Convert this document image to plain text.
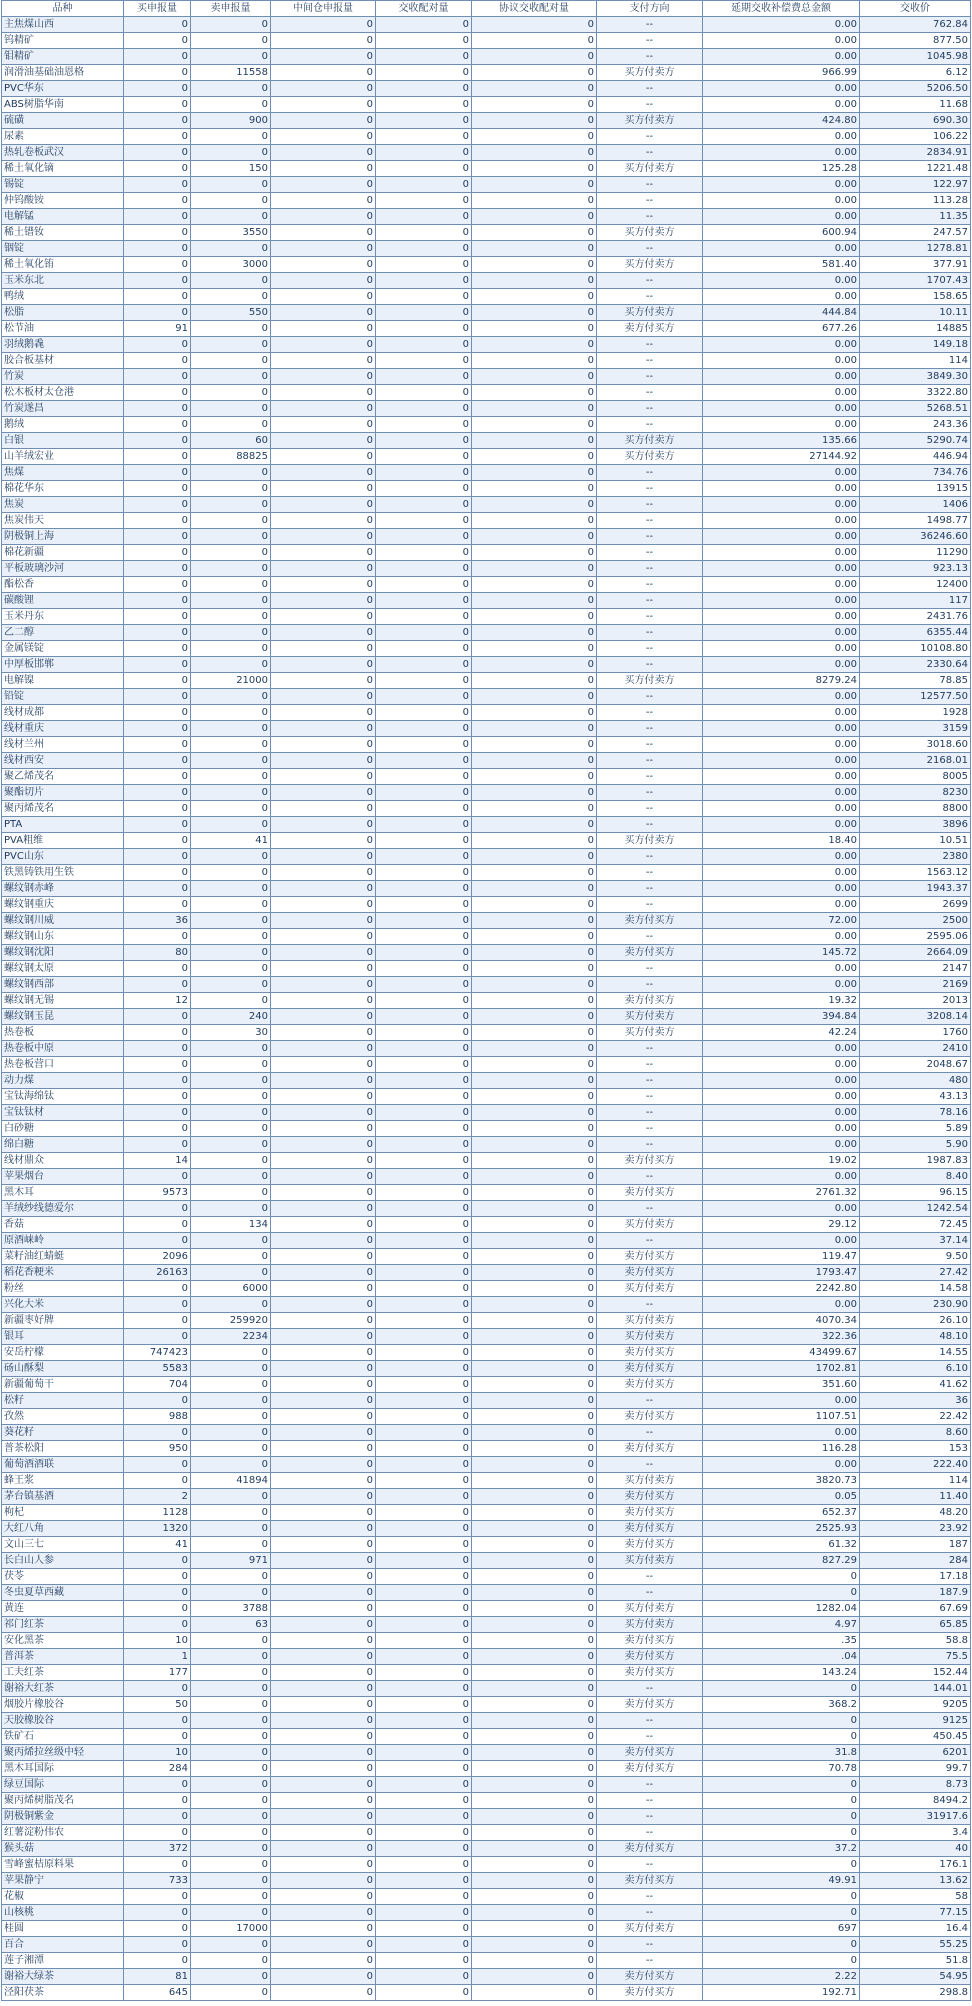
品种	买申报量	卖申报量	中间仓申报量	交收配对量	协议交收配对量	支付方向	延期交收补偿费总金额	交收价
主焦煤山西	0	0	0	0	0	--	0.00	762.84
钨精矿	0	0	0	0	0	--	0.00	877.50
钼精矿	0	0	0	0	0	--	0.00	1045.98
润滑油基础油恩格	0	11558	0	0	0	买方付卖方	966.99	6.12
PVC华东	0	0	0	0	0	--	0.00	5206.50
ABS树脂华南	0	0	0	0	0	--	0.00	11.68
硫磺	0	900	0	0	0	买方付卖方	424.80	690.30
尿素	0	0	0	0	0	--	0.00	106.22
热轧卷板武汉	0	0	0	0	0	--	0.00	2834.91
稀土氧化镝	0	150	0	0	0	买方付卖方	125.28	1221.48
锡锭	0	0	0	0	0	--	0.00	122.97
仲钨酸铵	0	0	0	0	0	--	0.00	113.28
电解锰	0	0	0	0	0	--	0.00	11.35
稀土镨钕	0	3550	0	0	0	买方付卖方	600.94	247.57
铟锭	0	0	0	0	0	--	0.00	1278.81
稀土氧化铕	0	3000	0	0	0	买方付卖方	581.40	377.91
玉米东北	0	0	0	0	0	--	0.00	1707.43
鸭绒	0	0	0	0	0	--	0.00	158.65
松脂	0	550	0	0	0	买方付卖方	444.84	10.11
松节油	91	0	0	0	0	卖方付买方	677.26	14885
羽绒鹅毳	0	0	0	0	0	--	0.00	149.18
胶合板基材	0	0	0	0	0	--	0.00	114
竹炭	0	0	0	0	0	--	0.00	3849.30
松木板材太仓港	0	0	0	0	0	--	0.00	3322.80
竹炭遂昌	0	0	0	0	0	--	0.00	5268.51
鹅绒	0	0	0	0	0	--	0.00	243.36
白银	0	60	0	0	0	买方付卖方	135.66	5290.74
山羊绒宏业	0	88825	0	0	0	买方付卖方	27144.92	446.94
焦煤	0	0	0	0	0	--	0.00	734.76
棉花华东	0	0	0	0	0	--	0.00	13915
焦炭	0	0	0	0	0	--	0.00	1406
焦炭伟天	0	0	0	0	0	--	0.00	1498.77
阴极铜上海	0	0	0	0	0	--	0.00	36246.60
棉花新疆	0	0	0	0	0	--	0.00	11290
平板玻璃沙河	0	0	0	0	0	--	0.00	923.13
酯松香	0	0	0	0	0	--	0.00	12400
碳酸锂	0	0	0	0	0	--	0.00	117
玉米丹东	0	0	0	0	0	--	0.00	2431.76
乙二醇	0	0	0	0	0	--	0.00	6355.44
金属镁锭	0	0	0	0	0	--	0.00	10108.80
中厚板邯郸	0	0	0	0	0	--	0.00	2330.64
电解镍	0	21000	0	0	0	买方付卖方	8279.24	78.85
铅锭	0	0	0	0	0	--	0.00	12577.50
线材成都	0	0	0	0	0	--	0.00	1928
线材重庆	0	0	0	0	0	--	0.00	3159
线材兰州	0	0	0	0	0	--	0.00	3018.60
线材西安	0	0	0	0	0	--	0.00	2168.01
聚乙烯茂名	0	0	0	0	0	--	0.00	8005
聚酯切片	0	0	0	0	0	--	0.00	8230
聚丙烯茂名	0	0	0	0	0	--	0.00	8800
PTA	0	0	0	0	0	--	0.00	3896
PVA粗维	0	41	0	0	0	买方付卖方	18.40	10.51
PVC山东	0	0	0	0	0	--	0.00	2380
铁黑铸铁用生铁	0	0	0	0	0	--	0.00	1563.12
螺纹钢赤峰	0	0	0	0	0	--	0.00	1943.37
螺纹钢重庆	0	0	0	0	0	--	0.00	2699
螺纹钢川威	36	0	0	0	0	卖方付买方	72.00	2500
螺纹钢山东	0	0	0	0	0	--	0.00	2595.06
螺纹钢沈阳	80	0	0	0	0	卖方付买方	145.72	2664.09
螺纹钢太原	0	0	0	0	0	--	0.00	2147
螺纹钢西部	0	0	0	0	0	--	0.00	2169
螺纹钢无锡	12	0	0	0	0	卖方付买方	19.32	2013
螺纹钢玉昆	0	240	0	0	0	买方付卖方	394.84	3208.14
热卷板	0	30	0	0	0	买方付卖方	42.24	1760
热卷板中原	0	0	0	0	0	--	0.00	2410
热卷板营口	0	0	0	0	0	--	0.00	2048.67
动力煤	0	0	0	0	0	--	0.00	480
宝钛海绵钛	0	0	0	0	0	--	0.00	43.13
宝钛钛材	0	0	0	0	0	--	0.00	78.16
白砂糖	0	0	0	0	0	--	0.00	5.89
绵白糖	0	0	0	0	0	--	0.00	5.90
线材鼎众	14	0	0	0	0	卖方付买方	19.02	1987.83
苹果烟台	0	0	0	0	0	--	0.00	8.40
黑木耳	9573	0	0	0	0	卖方付买方	2761.32	96.15
羊绒纱线德爱尔	0	0	0	0	0	--	0.00	1242.54
香菇	0	134	0	0	0	买方付卖方	29.12	72.45
原酒崃岭	0	0	0	0	0	--	0.00	37.14
菜籽油红蜻蜓	2096	0	0	0	0	卖方付买方	119.47	9.50
稻花香粳米	26163	0	0	0	0	卖方付买方	1793.47	27.42
粉丝	0	6000	0	0	0	买方付卖方	2242.80	14.58
兴化大米	0	0	0	0	0	--	0.00	230.90
新疆枣好牌	0	259920	0	0	0	买方付卖方	4070.34	26.10
银耳	0	2234	0	0	0	买方付卖方	322.36	48.10
安岳柠檬	747423	0	0	0	0	卖方付买方	43499.67	14.55
砀山酥梨	5583	0	0	0	0	卖方付买方	1702.81	6.10
新疆葡萄干	704	0	0	0	0	卖方付买方	351.60	41.62
松籽	0	0	0	0	0	--	0.00	36
孜然	988	0	0	0	0	卖方付买方	1107.51	22.42
葵花籽	0	0	0	0	0	--	0.00	8.60
普茶松阳	950	0	0	0	0	卖方付买方	116.28	153
葡萄酒酒联	0	0	0	0	0	--	0.00	222.40
蜂王浆	0	41894	0	0	0	买方付卖方	3820.73	114
茅台镇基酒	2	0	0	0	0	卖方付买方	0.05	11.40
枸杞	1128	0	0	0	0	卖方付买方	652.37	48.20
大红八角	1320	0	0	0	0	卖方付买方	2525.93	23.92
文山三七	41	0	0	0	0	卖方付买方	61.32	187
长白山人参	0	971	0	0	0	买方付卖方	827.29	284
茯苓	0	0	0	0	0	--	0	17.18
冬虫夏草西藏	0	0	0	0	0	--	0	187.9
黄连	0	3788	0	0	0	买方付卖方	1282.04	67.69
祁门红茶	0	63	0	0	0	买方付卖方	4.97	65.85
安化黑茶	10	0	0	0	0	卖方付买方	.35	58.8
普洱茶	1	0	0	0	0	卖方付买方	.04	75.5
工夫红茶	177	0	0	0	0	卖方付买方	143.24	152.44
谢裕大红茶	0	0	0	0	0	--	0	144.01
烟胶片橡胶谷	50	0	0	0	0	卖方付买方	368.2	9205
天胶橡胶谷	0	0	0	0	0	--	0	9125
铁矿石	0	0	0	0	0	--	0	450.45
聚丙烯拉丝级中轻	10	0	0	0	0	卖方付买方	31.8	6201
黑木耳国际	284	0	0	0	0	卖方付买方	70.78	99.7
绿豆国际	0	0	0	0	0	--	0	8.73
聚丙烯树脂茂名	0	0	0	0	0	--	0	8494.2
阴极铜紫金	0	0	0	0	0	--	0	31917.6
红薯淀粉伟农	0	0	0	0	0	--	0	3.4
猴头菇	372	0	0	0	0	卖方付买方	37.2	40
雪峰蜜桔原料果	0	0	0	0	0	--	0	176.1
苹果静宁	733	0	0	0	0	卖方付买方	49.91	13.62
花椒	0	0	0	0	0	--	0	58
山核桃	0	0	0	0	0	--	0	77.15
桂圆	0	17000	0	0	0	买方付卖方	697	16.4
百合	0	0	0	0	0	--	0	55.25
莲子湘潭	0	0	0	0	0	--	0	51.8
谢裕大绿茶	81	0	0	0	0	卖方付买方	2.22	54.95
泾阳茯茶	645	0	0	0	0	卖方付买方	192.71	298.8
